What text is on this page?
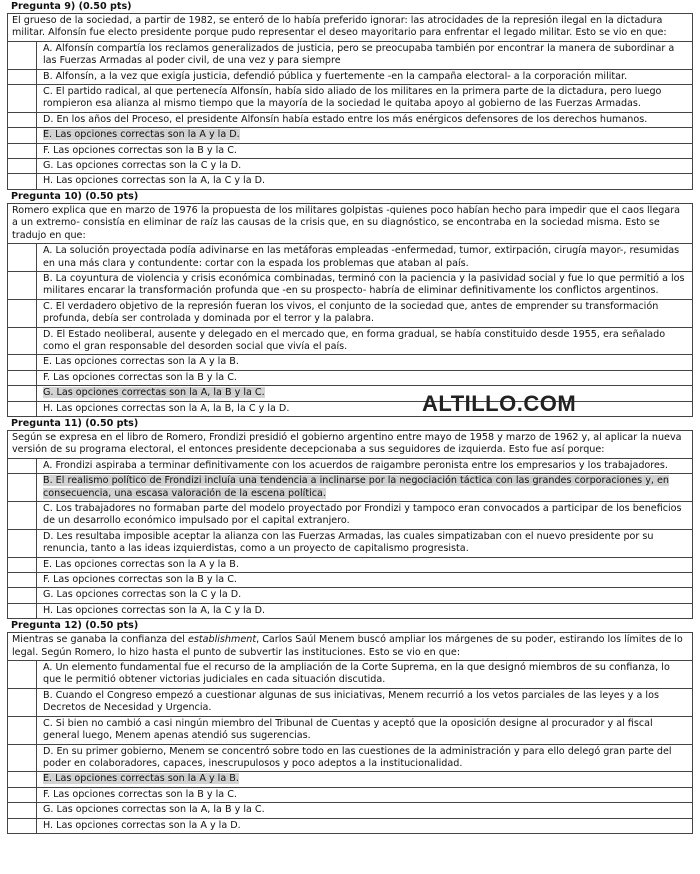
Pregunta 9) (0.50 pts)
El grueso de la sociedad, a partir de 1982, se enteró de lo había preferido ignorar: las atrocidades de la represión ilegal en la dictadura militar. Alfonsín fue electo presidente porque pudo representar el deseo mayoritario para enfrentar el legado militar. Esto se vio en que:
A. Alfonsín compartía los reclamos generalizados de justicia, pero se preocupaba también por encontrar la manera de subordinar a las Fuerzas Armadas al poder civil, de una vez y para siempre
B. Alfonsín, a la vez que exigía justicia, defendió pública y fuertemente -en la campaña electoral- a la corporación militar.
C. El partido radical, al que pertenecía Alfonsín, había sido aliado de los militares en la primera parte de la dictadura, pero luego rompieron esa alianza al mismo tiempo que la mayoría de la sociedad le quitaba apoyo al gobierno de las Fuerzas Armadas.
D. En los años del Proceso, el presidente Alfonsín había estado entre los más enérgicos defensores de los derechos humanos.
E. Las opciones correctas son la A y la D.
F. Las opciones correctas son la B y la C.
G. Las opciones correctas son la C y la D.
H. Las opciones correctas son la A, la C y la D.
Pregunta 10) (0.50 pts)
Romero explica que en marzo de 1976 la propuesta de los militares golpistas -quienes poco habían hecho para impedir que el caos llegara a un extremo- consistía en eliminar de raíz las causas de la crisis que, en su diagnóstico, se encontraba en la sociedad misma. Esto se tradujo en que:
A. La solución proyectada podía adivinarse en las metáforas empleadas -enfermedad, tumor, extirpación, cirugía mayor-, resumidas en una más clara y contundente: cortar con la espada los problemas que ataban al país.
B. La coyuntura de violencia y crisis económica combinadas, terminó con la paciencia y la pasividad social y fue lo que permitió a los militares encarar la transformación profunda que -en su prospecto- habría de eliminar definitivamente los conflictos argentinos.
C. El verdadero objetivo de la represión fueran los vivos, el conjunto de la sociedad que, antes de emprender su transformación profunda, debía ser controlada y dominada por el terror y la palabra.
D. El Estado neoliberal, ausente y delegado en el mercado que, en forma gradual, se había constituido desde 1955, era señalado como el gran responsable del desorden social que vivía el país.
E. Las opciones correctas son la A y la B.
F. Las opciones correctas son la B y la C.
G. Las opciones correctas son la A, la B y la C.
H. Las opciones correctas son la A, la B, la C y la D.
Pregunta 11) (0.50 pts)
Según se expresa en el libro de Romero, Frondizi presidió el gobierno argentino entre mayo de 1958 y marzo de 1962 y, al aplicar la nueva versión de su programa electoral, el entonces presidente decepcionaba a sus seguidores de izquierda. Esto fue así porque:
A. Frondizi aspiraba a terminar definitivamente con los acuerdos de raigambre peronista entre los empresarios y los trabajadores.
B. El realismo político de Frondizi incluía una tendencia a inclinarse por la negociación táctica con las grandes corporaciones y, en consecuencia, una escasa valoración de la escena política.
C. Los trabajadores no formaban parte del modelo proyectado por Frondizi y tampoco eran convocados a participar de los beneficios de un desarrollo económico impulsado por el capital extranjero.
D. Les resultaba imposible aceptar la alianza con las Fuerzas Armadas, las cuales simpatizaban con el nuevo presidente por su renuncia, tanto a las ideas izquierdistas, como a un proyecto de capitalismo progresista.
E. Las opciones correctas son la A y la B.
F. Las opciones correctas son la B y la C.
G. Las opciones correctas son la C y la D.
H. Las opciones correctas son la A, la C y la D.
Pregunta 12) (0.50 pts)
Mientras se ganaba la confianza del establishment, Carlos Saúl Menem buscó ampliar los márgenes de su poder, estirando los límites de lo legal. Según Romero, lo hizo hasta el punto de subvertir las instituciones. Esto se vio en que:
A. Un elemento fundamental fue el recurso de la ampliación de la Corte Suprema, en la que designó miembros de su confianza, lo que le permitió obtener victorias judiciales en cada situación discutida.
B. Cuando el Congreso empezó a cuestionar algunas de sus iniciativas, Menem recurrió a los vetos parciales de las leyes y a los Decretos de Necesidad y Urgencia.
C. Si bien no cambió a casi ningún miembro del Tribunal de Cuentas y aceptó que la oposición designe al procurador y al fiscal general luego, Menem apenas atendió sus sugerencias.
D. En su primer gobierno, Menem se concentró sobre todo en las cuestiones de la administración y para ello delegó gran parte del poder en colaboradores, capaces, inescrupulosos y poco adeptos a la institucionalidad.
E. Las opciones correctas son la A y la B.
F. Las opciones correctas son la B y la C.
G. Las opciones correctas son la A, la B y la C.
H. Las opciones correctas son la A y la D.
ALTILLO.COM
